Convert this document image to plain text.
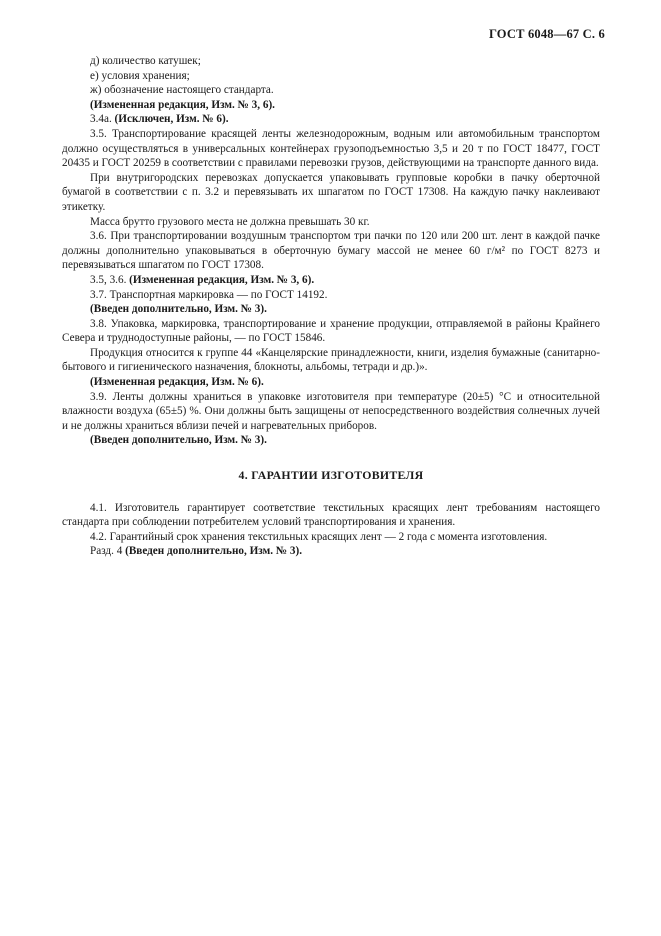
ГОСТ 6048—67 С. 6

д) количество катушек;

е) условия хранения;

ж) обозначение настоящего стандарта.

(Измененная редакция, Изм. № 3, 6).

3.4а. (Исключен, Изм. № 6).

3.5. Транспортирование красящей ленты железнодорожным, водным или автомобильным транспортом должно осуществляться в универсальных контейнерах грузоподъемностью 3,5 и 20 т по ГОСТ 18477, ГОСТ 20435 и ГОСТ 20259 в соответствии с правилами перевозки грузов, действующими на транспорте данного вида.

При внутригородских перевозках допускается упаковывать групповые коробки в пачку оберточной бумагой в соответствии с п. 3.2 и перевязывать их шпагатом по ГОСТ 17308. На каждую пачку наклеивают этикетку.

Масса брутто грузового места не должна превышать 30 кг.

3.6. При транспортировании воздушным транспортом три пачки по 120 или 200 шт. лент в каждой пачке должны дополнительно упаковываться в оберточную бумагу массой не менее 60 г/м² по ГОСТ 8273 и перевязываться шпагатом по ГОСТ 17308.

3.5, 3.6. (Измененная редакция, Изм. № 3, 6).

3.7. Транспортная маркировка — по ГОСТ 14192.

(Введен дополнительно, Изм. № 3).

3.8. Упаковка, маркировка, транспортирование и хранение продукции, отправляемой в районы Крайнего Севера и труднодоступные районы, — по ГОСТ 15846.

Продукция относится к группе 44 «Канцелярские принадлежности, книги, изделия бумажные (санитарно-бытового и гигиенического назначения, блокноты, альбомы, тетради и др.)».

(Измененная редакция, Изм. № 6).

3.9. Ленты должны храниться в упаковке изготовителя при температуре (20±5) °С и относительной влажности воздуха (65±5) %. Они должны быть защищены от непосредственного воздействия солнечных лучей и не должны храниться вблизи печей и нагревательных приборов.

(Введен дополнительно, Изм. № 3).

4. ГАРАНТИИ ИЗГОТОВИТЕЛЯ

4.1. Изготовитель гарантирует соответствие текстильных красящих лент требованиям настоящего стандарта при соблюдении потребителем условий транспортирования и хранения.

4.2. Гарантийный срок хранения текстильных красящих лент — 2 года с момента изготовления.

Разд. 4 (Введен дополнительно, Изм. № 3).
